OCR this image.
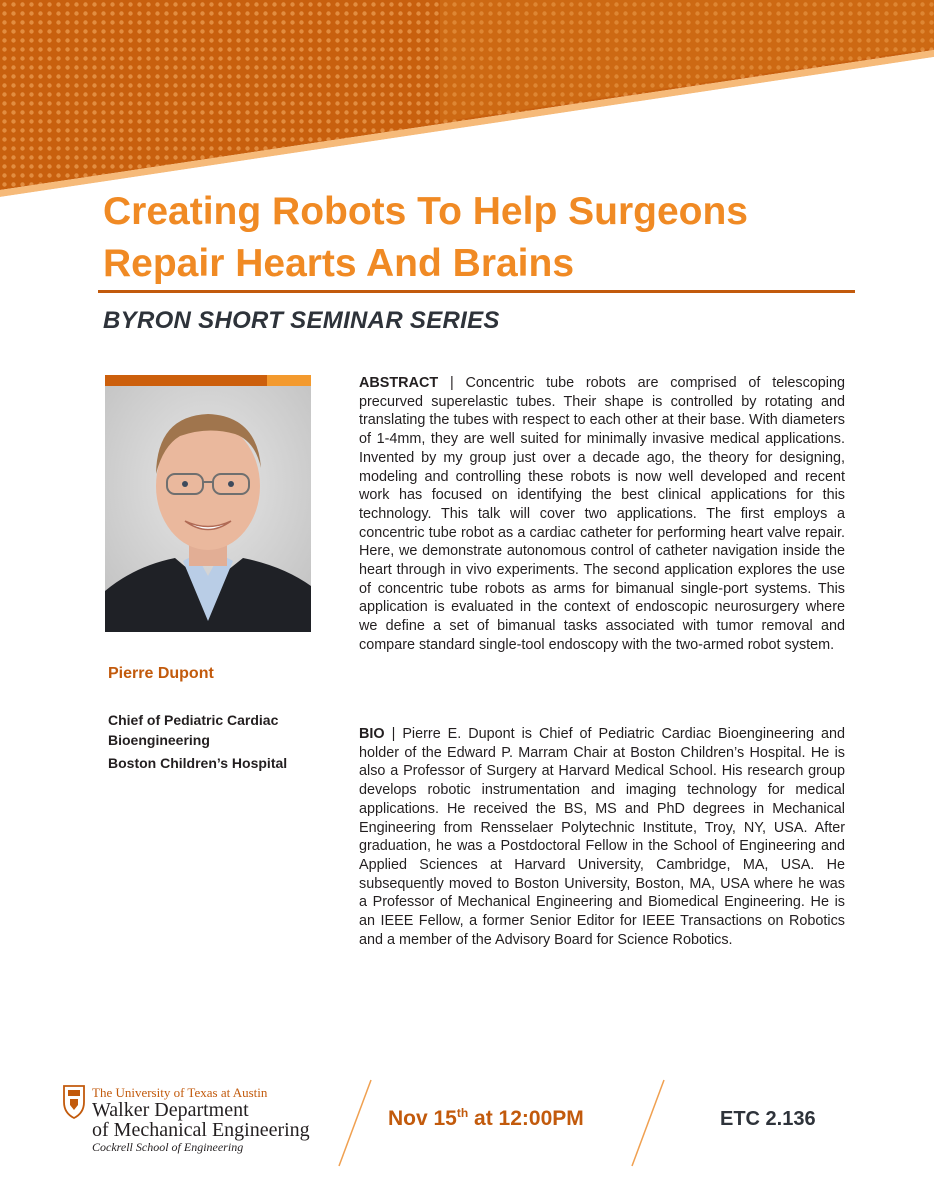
Creating Robots To Help Surgeons
Repair Hearts And Brains
BYRON SHORT SEMINAR SERIES
Pierre Dupont
Chief of Pediatric Cardiac Bioengineering
Boston Children’s Hospital

ABSTRACT | Concentric tube robots are comprised of telescoping precurved superelastic tubes. Their shape is controlled by rotating and translating the tubes with respect to each other at their base. With diameters of 1-4mm, they are well suited for minimally invasive medical applications. Invented by my group just over a decade ago, the theory for designing, modeling and controlling these robots is now well developed and recent work has focused on identifying the best clinical applications for this technology. This talk will cover two applications. The first employs a concentric tube robot as a cardiac catheter for performing heart valve repair. Here, we demonstrate autonomous control of catheter navigation inside the heart through in vivo experiments. The second application explores the use of concentric tube robots as arms for bimanual single-port systems. This application is evaluated in the context of endoscopic neurosurgery where we define a set of bimanual tasks associated with tumor removal and compare standard single-tool endoscopy with the two-armed robot system.

BIO | Pierre E. Dupont is Chief of Pediatric Cardiac Bioengineering and holder of the Edward P. Marram Chair at Boston Children’s Hospital. He is also a Professor of Surgery at Harvard Medical School. His research group develops robotic instrumentation and imaging technology for medical applications. He received the BS, MS and PhD degrees in Mechanical Engineering from Rensselaer Polytechnic Institute, Troy, NY, USA. After graduation, he was a Postdoctoral Fellow in the School of Engineering and Applied Sciences at Harvard University, Cambridge, MA, USA. He subsequently moved to Boston University, Boston, MA, USA where he was a Professor of Mechanical Engineering and Biomedical Engineering. He is an IEEE Fellow, a former Senior Editor for IEEE Transactions on Robotics and a member of the Advisory Board for Science Robotics.

The University of Texas at Austin
Walker Department
of Mechanical Engineering
Cockrell School of Engineering
Nov 15th at 12:00PM	ETC 2.136
